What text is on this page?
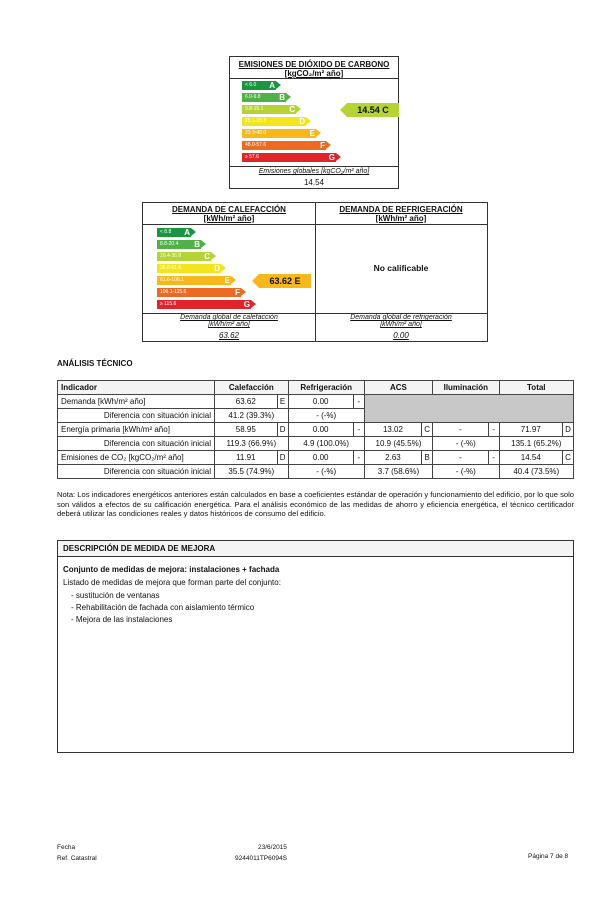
EMISIONES DE DIÓXIDO DE CARBONO
[kgCO₂/m² año]
< 6.0 A
6.0-9.8 B
9.8-15.1	C
15.1-23.3	D
23.3-48.0	E
48.0-57.6	F
≥ 57.6	G
14.54 C
Emisiones globales [kgCO₂/m² año]
14.54
DEMANDA DE CALEFACCIÓN
[kWh/m² año]
< 8.8 A
8.8-20.4 B
20.4-36.8	C
36.8-61.6	D
61.6-106.1	E
106.1-115.6	F
≥ 115.6	G
63.62 E
Demanda global de calefacción
[kWh/m² año]
63.62
DEMANDA DE REFRIGERACIÓN
[kWh/m² año]
No calificable
Demanda global de refrigeración
[kWh/m² año]
0.00
ANÁLISIS TÉCNICO
Indicador	Calefacción		Refrigeración		ACS		Iluminación		Total	
Demanda [kWh/m² año]	63.62	E	0.00	-						
Diferencia con situación inicial	41.2 (39.3%)		- (-%)							
Energía primaria [kWh/m² año]	58.95	D	0.00	-	13.02	C	-	-	71.97	D
Diferencia con situación inicial	119.3 (66.9%)		4.9 (100.0%)		10.9 (45.5%)		- (-%)		135.1 (65.2%)	
Emisiones de CO₂ [kgCO₂/m² año]	11.91	D	0.00	-	2.63	B	-	-	14.54	C
Diferencia con situación inicial	35.5 (74.9%)		- (-%)		3.7 (58.6%)		- (-%)		40.4 (73.5%)	
Nota: Los indicadores energéticos anteriores están calculados en base a coeficientes estándar de operación y funcionamiento del edificio, por lo que solo son válidos a efectos de su calificación energética. Para el análisis económico de las medidas de ahorro y eficiencia energética, el técnico certificador deberá utilizar las condiciones reales y datos históricos de consumo del edificio.
DESCRIPCIÓN DE MEDIDA DE MEJORA
Conjunto de medidas de mejora: instalaciones + fachada
Listado de medidas de mejora que forman parte del conjunto:
- sustitución de ventanas
- Rehabilitación de fachada con aislamiento térmico
- Mejora de las instalaciones
Fecha
Ref. Catastral
23/6/2015
9244011TP6094S	Página 7 de 8
